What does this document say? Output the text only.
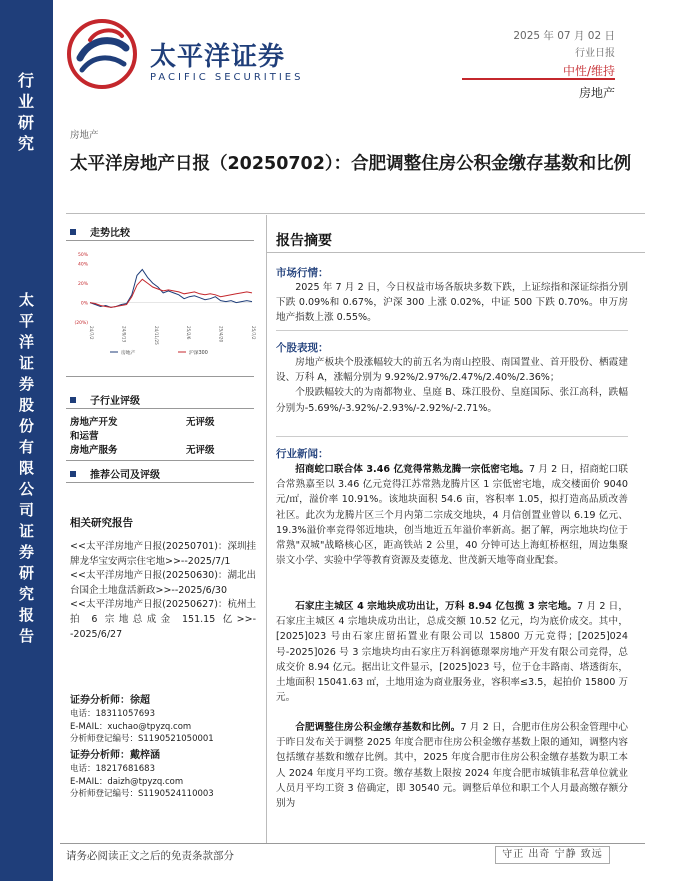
行
业
研
究
太
平
洋
证
券
股
份
有
限
公
司
证
券
研
究
报
告
太平洋证券
PACIFIC SECURITIES
2025 年 07 月 02 日
行业日报
中性/维持
房地产
房地产
太平洋房地产日报（20250702）：合肥调整住房公积金缴存基数和比例
走势比较
50%
40%
20%
0%
(20%)
24/7/2	24/9/13	24/11/25	25/2/6	25/4/20	25/7/2
房地产	沪深300
子行业评级
房地产开发	无评级
和运营
房地产服务	无评级
推荐公司及评级
相关研究报告
<<太平洋房地产日报(20250701)：深圳挂牌龙华宝安两宗住宅地>>--2025/7/1
<<太平洋房地产日报(20250630)：湖北出台国企土地盘活新政>>--2025/6/30
<<太平洋房地产日报(20250627)：杭州土拍 6 宗地总成金 151.15 亿>>--2025/6/27
证券分析师：徐超
电话：18311057693
E-MAIL：xuchao@tpyzq.com
分析师登记编号：S1190521050001
证券分析师：戴梓涵
电话：18217681683
E-MAIL：daizh@tpyzq.com
分析师登记编号：S1190524110003
报告摘要
市场行情：

2025 年 7 月 2 日，今日权益市场各版块多数下跌，上证综指和深证综指分别下跌 0.09%和 0.67%，沪深 300 上涨 0.02%，中证 500 下跌 0.70%。申万房地产指数上涨 0.55%。

个股表现：

房地产板块个股涨幅较大的前五名为南山控股、南国置业、首开股份、栖霞建设、万科 A，涨幅分别为 9.92%/2.97%/2.47%/2.40%/2.36%；

个股跌幅较大的为南都物业、皇庭 B、珠江股份、皇庭国际、张江高科，跌幅分别为-5.69%/-3.92%/-2.93%/-2.92%/-2.71%。

行业新闻：

招商蛇口联合体 3.46 亿竞得常熟龙腾一宗低密宅地。7 月 2 日，招商蛇口联合常熟嘉至以 3.46 亿元竞得江苏常熟龙腾片区 1 宗低密宅地，成交楼面价 9040 元/㎡，溢价率 10.91%。该地块面积 54.6 亩，容积率 1.05，拟打造高品质改善社区。此次为龙腾片区三个月内第二宗成交地块，4 月信创置业曾以 6.19 亿元、19.3%溢价率竞得邻近地块，创当地近五年溢价率新高。据了解，两宗地块均位于常熟"双城"战略核心区，距高铁站 2 公里，40 分钟可达上海虹桥枢纽，周边集聚崇文小学、实验中学等教育资源及麦德龙、世茂新天地等商业配套。

石家庄主城区 4 宗地块成功出让，万科 8.94 亿包揽 3 宗宅地。7 月 2 日，石家庄主城区 4 宗地块成功出让，总成交额 10.52 亿元，均为底价成交。其中，[2025]023 号由石家庄留拓置业有限公司以 15800 万元竞得；[2025]024 号-2025]026 号 3 宗地块均由石家庄万科润德璟翠房地产开发有限公司竞得，总成交价 8.94 亿元。据出让文件显示，[2025]023 号，位于仓丰路南、塔透街东，土地面积 15041.63 ㎡，土地用途为商业服务业，容积率≤3.5，起拍价 15800 万元。

合肥调整住房公积金缴存基数和比例。7 月 2 日，合肥市住房公积金管理中心于昨日发布关于调整 2025 年度合肥市住房公积金缴存基数上限的通知，调整内容包括缴存基数和缴存比例。其中，2025 年度合肥市住房公积金缴存基数为职工本人 2024 年度月平均工资。缴存基数上限按 2024 年度合肥市城镇非私营单位就业人员月平均工资 3 倍确定，即 30540 元。调整后单位和职工个人月最高缴存额分别为

请务必阅读正文之后的免责条款部分	守正 出奇 宁静 致远
